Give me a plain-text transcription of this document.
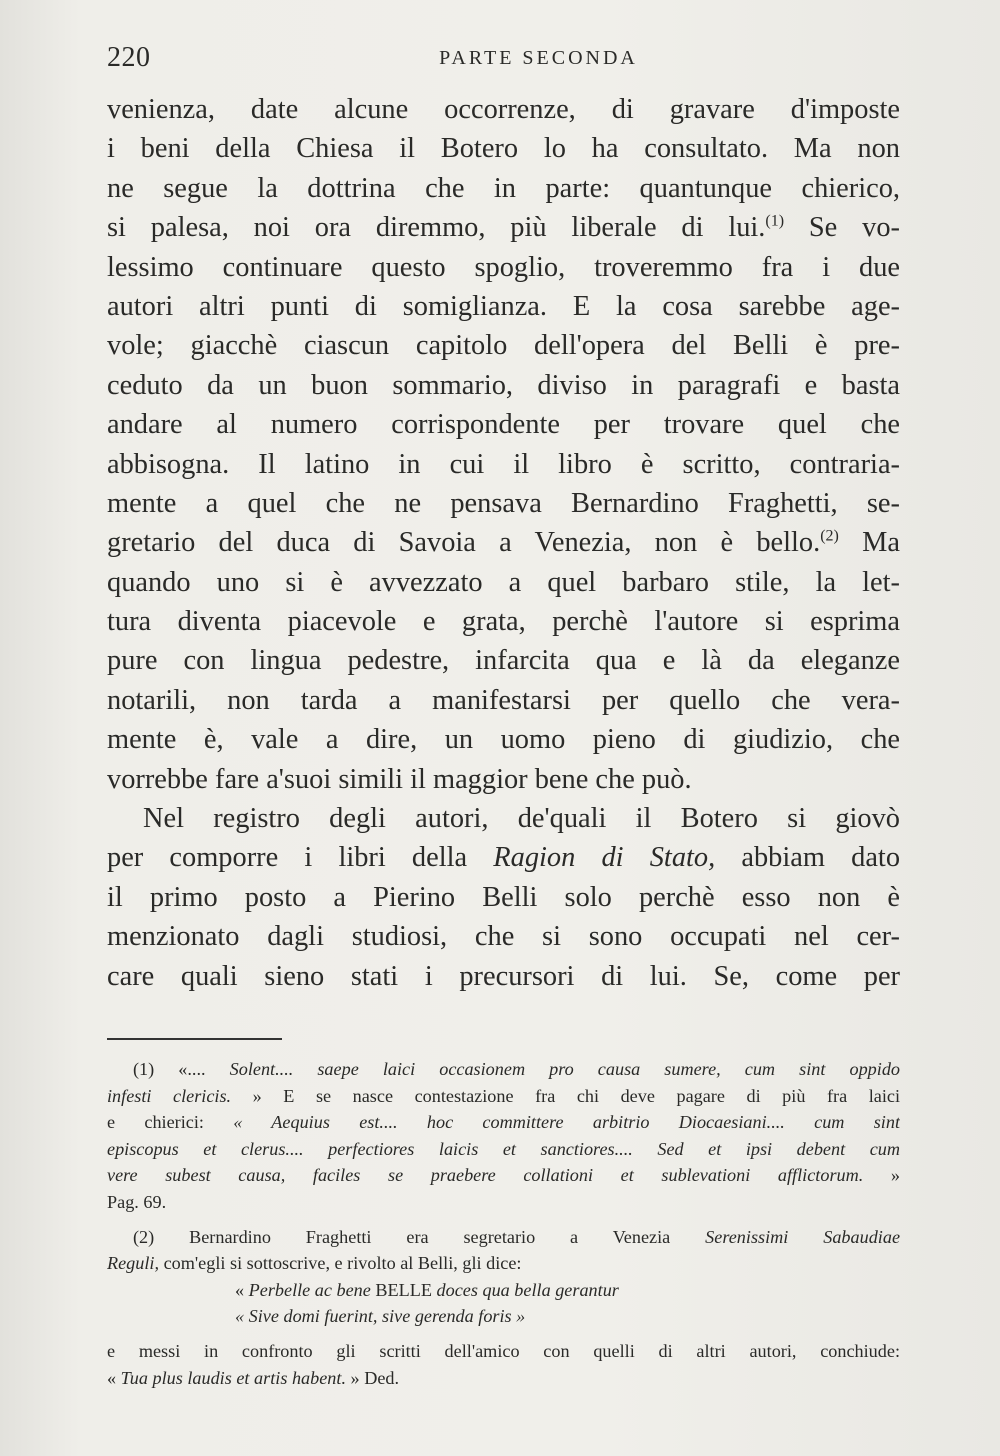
220	PARTE SECONDA
venienza, date alcune occorrenze, di gravare d'imposte
i beni della Chiesa il Botero lo ha consultato. Ma non
ne segue la dottrina che in parte: quantunque chierico,
si palesa, noi ora diremmo, più liberale di lui.$^{(1)}$ Se vo-
lessimo continuare questo spoglio, troveremmo fra i due
autori altri punti di somiglianza. E la cosa sarebbe age-
vole; giacchè ciascun capitolo dell'opera del Belli è pre-
ceduto da un buon sommario, diviso in paragrafi e basta
andare al numero corrispondente per trovare quel che
abbisogna. Il latino in cui il libro è scritto, contraria-
mente a quel che ne pensava Bernardino Fraghetti, se-
gretario del duca di Savoia a Venezia, non è bello.$^{(2)}$ Ma
quando uno si è avvezzato a quel barbaro stile, la let-
tura diventa piacevole e grata, perchè l'autore si esprima
pure con lingua pedestre, infarcita qua e là da eleganze
notarili, non tarda a manifestarsi per quello che vera-
mente è, vale a dire, un uomo pieno di giudizio, che
vorrebbe fare a'suoi simili il maggior bene che può.
Nel registro degli autori, de'quali il Botero si giovò
per comporre i libri della Ragion di Stato, abbiam dato
il primo posto a Pierino Belli solo perchè esso non è
menzionato dagli studiosi, che si sono occupati nel cer-
care quali sieno stati i precursori di lui. Se, come per
(1) «.... Solent.... saepe laici occasionem pro causa sumere, cum sint oppido
infesti clericis. » E se nasce contestazione fra chi deve pagare di più fra laici
e chierici: « Aequius est.... hoc committere arbitrio Diocaesiani.... cum sint
episcopus et clerus.... perfectiores laicis et sanctiores.... Sed et ipsi debent cum
vere subest causa, faciles se praebere collationi et sublevationi afflictorum. »
Pag. 69.
(2) Bernardino Fraghetti era segretario a Venezia Serenissimi Sabaudiae
Reguli, com'egli si sottoscrive, e rivolto al Belli, gli dice:
« Perbelle ac bene BELLE doces qua bella gerantur
« Sive domi fuerint, sive gerenda foris »
e messi in confronto gli scritti dell'amico con quelli di altri autori, conchiude:
« Tua plus laudis et artis habent. » Ded.
